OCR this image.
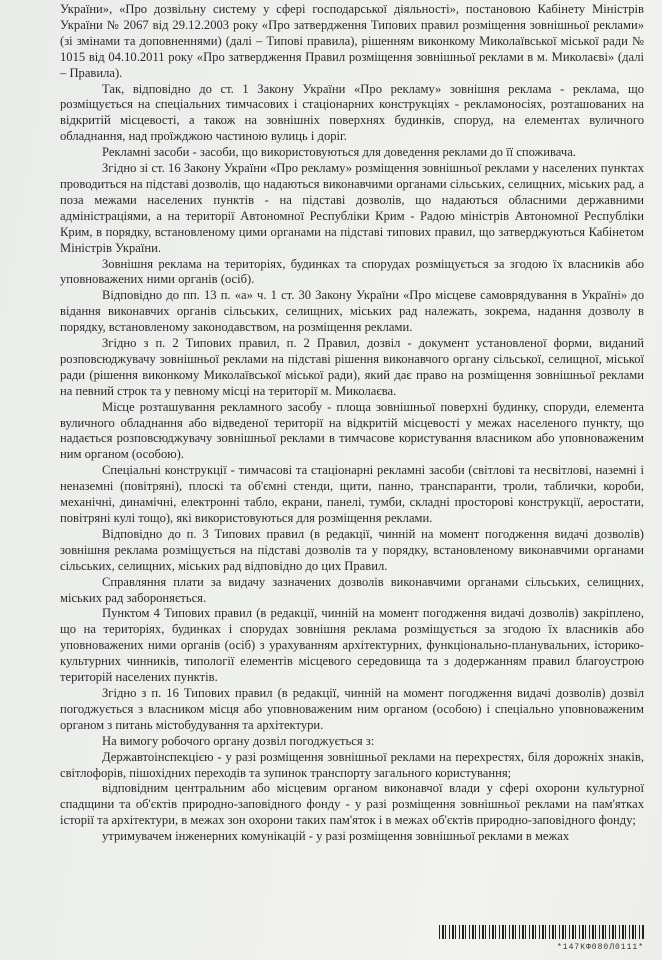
України», «Про дозвільну систему у сфері господарської діяльності», постановою Кабінету Міністрів України № 2067 від 29.12.2003 року «Про затвердження Типових правил розміщення зовнішньої реклами» (зі змінами та доповненнями) (далі – Типові правила), рішенням виконкому Миколаївської міської ради № 1015 від 04.10.2011 року «Про затвердження Правил розміщення зовнішньої реклами в м. Миколаєві» (далі – Правила).

Так, відповідно до ст. 1 Закону України «Про рекламу» зовнішня реклама - реклама, що розміщується на спеціальних тимчасових і стаціонарних конструкціях - рекламоносіях, розташованих на відкритій місцевості, а також на зовнішніх поверхнях будинків, споруд, на елементах вуличного обладнання, над проїжджою частиною вулиць і доріг.

Рекламні засоби - засоби, що використовуються для доведення реклами до її споживача.

Згідно зі ст. 16 Закону України «Про рекламу» розміщення зовнішньої реклами у населених пунктах проводиться на підставі дозволів, що надаються виконавчими органами сільських, селищних, міських рад, а поза межами населених пунктів - на підставі дозволів, що надаються обласними державними адміністраціями, а на території Автономної Республіки Крим - Радою міністрів Автономної Республіки Крим, в порядку, встановленому цими органами на підставі типових правил, що затверджуються Кабінетом Міністрів України.

Зовнішня реклама на територіях, будинках та спорудах розміщується за згодою їх власників або уповноважених ними органів (осіб).

Відповідно до пп. 13 п. «а» ч. 1 ст. 30 Закону України «Про місцеве самоврядування в Україні» до відання виконавчих органів сільських, селищних, міських рад належать, зокрема, надання дозволу в порядку, встановленому законодавством, на розміщення реклами.

Згідно з п. 2 Типових правил, п. 2 Правил, дозвіл - документ установленої форми, виданий розповсюджувачу зовнішньої реклами на підставі рішення виконавчого органу сільської, селищної, міської ради (рішення виконкому Миколаївської міської ради), який дає право на розміщення зовнішньої реклами на певний строк та у певному місці на території м. Миколаєва.

Місце розташування рекламного засобу - площа зовнішньої поверхні будинку, споруди, елемента вуличного обладнання або відведеної території на відкритій місцевості у межах населеного пункту, що надається розповсюджувачу зовнішньої реклами в тимчасове користування власником або уповноваженим ним органом (особою).

Спеціальні конструкції - тимчасові та стаціонарні рекламні засоби (світлові та несвітлові, наземні і неназемні (повітряні), плоскі та об'ємні стенди, щити, панно, транспаранти, троли, таблички, короби, механічні, динамічні, електронні табло, екрани, панелі, тумби, складні просторові конструкції, аеростати, повітряні кулі тощо), які використовуються для розміщення реклами.

Відповідно до п. 3 Типових правил (в редакції, чинній на момент погодження видачі дозволів) зовнішня реклама розміщується на підставі дозволів та у порядку, встановленому виконавчими органами сільських, селищних, міських рад відповідно до цих Правил.

Справляння плати за видачу зазначених дозволів виконавчими органами сільських, селищних, міських рад забороняється.

Пунктом 4 Типових правил (в редакції, чинній на момент погодження видачі дозволів) закріплено, що на територіях, будинках і спорудах зовнішня реклама розміщується за згодою їх власників або уповноважених ними органів (осіб) з урахуванням архітектурних, функціонально-планувальних, історико-культурних чинників, типології елементів місцевого середовища та з додержанням правил благоустрою територій населених пунктів.

Згідно з п. 16 Типових правил (в редакції, чинній на момент погодження видачі дозволів) дозвіл погоджується з власником місця або уповноваженим ним органом (особою) і спеціально уповноваженим органом з питань містобудування та архітектури.

На вимогу робочого органу дозвіл погоджується з:

Державтоінспекцією - у разі розміщення зовнішньої реклами на перехрестях, біля дорожніх знаків, світлофорів, пішохідних переходів та зупинок транспорту загального користування;

відповідним центральним або місцевим органом виконавчої влади у сфері охорони культурної спадщини та об'єктів природно-заповідного фонду - у разі розміщення зовнішньої реклами на пам'ятках історії та архітектури, в межах зон охорони таких пам'яток і в межах об'єктів природно-заповідного фонду;

утримувачем інженерних комунікацій - у разі розміщення зовнішньої реклами в межах

*147КФ080Л0111*
